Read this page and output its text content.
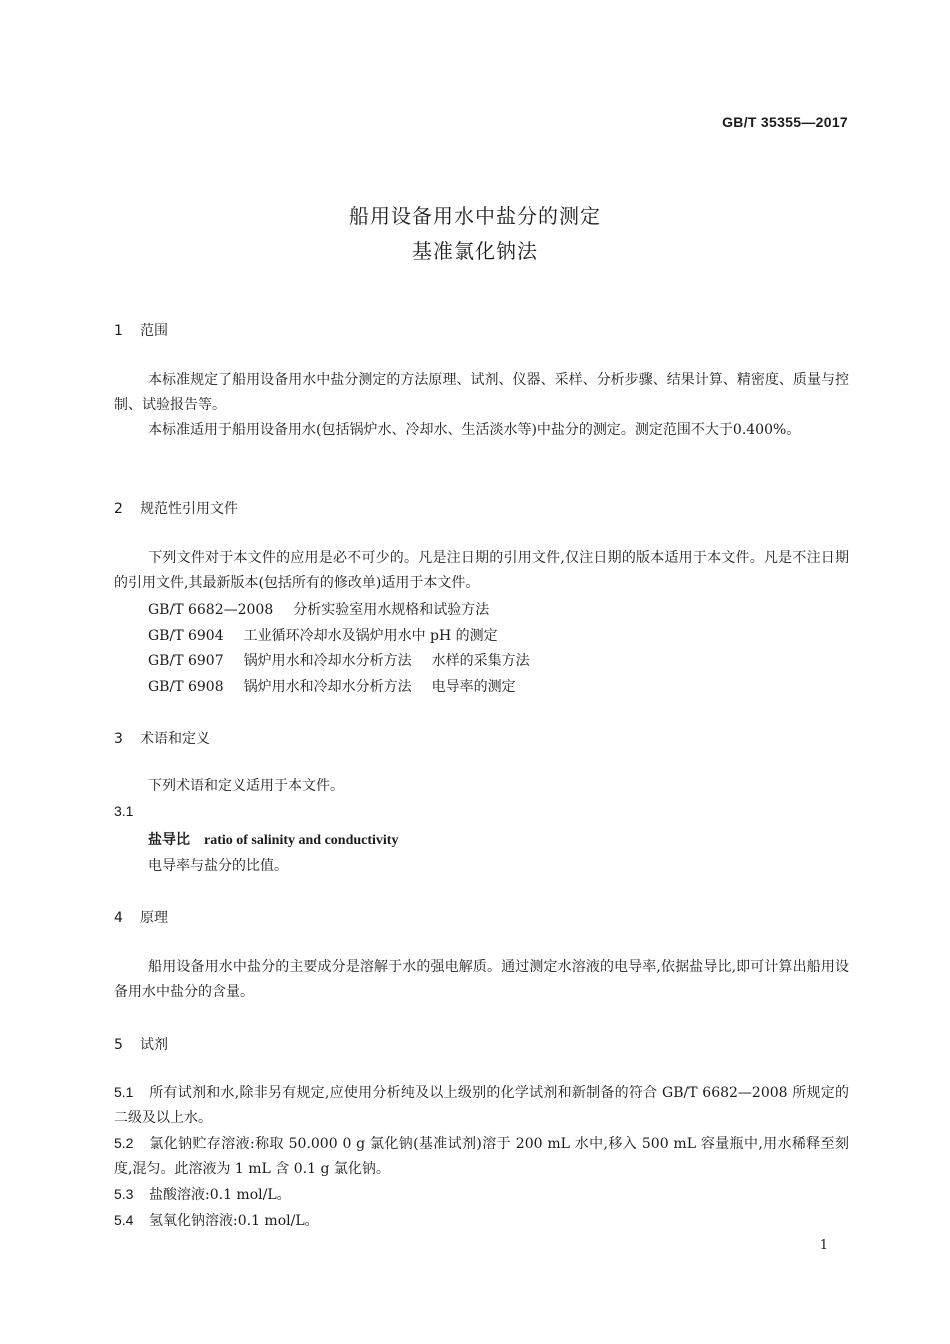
GB/T 35355—2017
船用设备用水中盐分的测定
基准氯化钠法
1 范围
本标准规定了船用设备用水中盐分测定的方法原理、试剂、仪器、采样、分析步骤、结果计算、精密度、质量与控制、试验报告等。
本标准适用于船用设备用水(包括锅炉水、冷却水、生活淡水等)中盐分的测定。测定范围不大于0.400%。
2 规范性引用文件
下列文件对于本文件的应用是必不可少的。凡是注日期的引用文件,仅注日期的版本适用于本文件。凡是不注日期的引用文件,其最新版本(包括所有的修改单)适用于本文件。
GB/T 6682—2008 分析实验室用水规格和试验方法
GB/T 6904 工业循环冷却水及锅炉用水中 pH 的测定
GB/T 6907 锅炉用水和冷却水分析方法 水样的采集方法
GB/T 6908 锅炉用水和冷却水分析方法 电导率的测定
3 术语和定义
下列术语和定义适用于本文件。
3.1
盐导比 ratio of salinity and conductivity
电导率与盐分的比值。
4 原理
船用设备用水中盐分的主要成分是溶解于水的强电解质。通过测定水溶液的电导率,依据盐导比,即可计算出船用设备用水中盐分的含量。
5 试剂
5.1 所有试剂和水,除非另有规定,应使用分析纯及以上级别的化学试剂和新制备的符合 GB/T 6682—2008 所规定的二级及以上水。
5.2 氯化钠贮存溶液:称取 50.000 0 g 氯化钠(基准试剂)溶于 200 mL 水中,移入 500 mL 容量瓶中,用水稀释至刻度,混匀。此溶液为 1 mL 含 0.1 g 氯化钠。
5.3 盐酸溶液:0.1 mol/L。
5.4 氢氧化钠溶液:0.1 mol/L。
1
